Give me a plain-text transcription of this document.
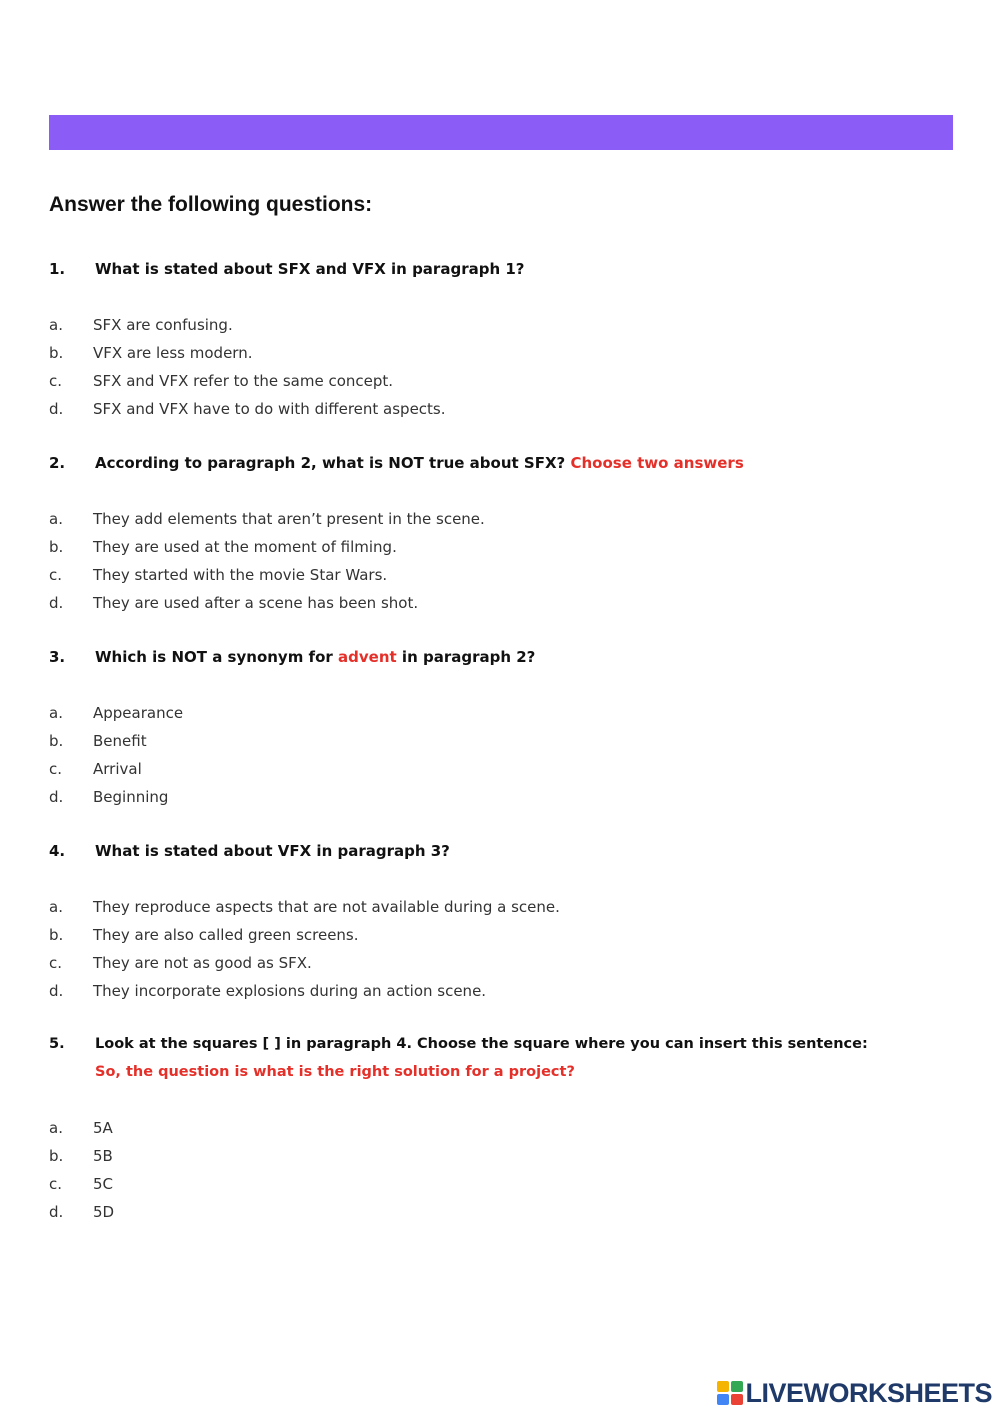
Answer the following questions:
1. What is stated about SFX and VFX in paragraph 1?
a. SFX are confusing.
b. VFX are less modern.
c. SFX and VFX refer to the same concept.
d. SFX and VFX have to do with different aspects.
2. According to paragraph 2, what is NOT true about SFX? Choose two answers
a. They add elements that aren’t present in the scene.
b. They are used at the moment of filming.
c. They started with the movie Star Wars.
d. They are used after a scene has been shot.
3. Which is NOT a synonym for advent in paragraph 2?
a. Appearance
b. Benefit
c. Arrival
d. Beginning
4. What is stated about VFX in paragraph 3?
a. They reproduce aspects that are not available during a scene.
b. They are also called green screens.
c. They are not as good as SFX.
d. They incorporate explosions during an action scene.
5. Look at the squares [ ] in paragraph 4. Choose the square where you can insert this sentence:
So, the question is what is the right solution for a project?
a. 5A
b. 5B
c. 5C
d. 5D
LIVEWORKSHEETS
